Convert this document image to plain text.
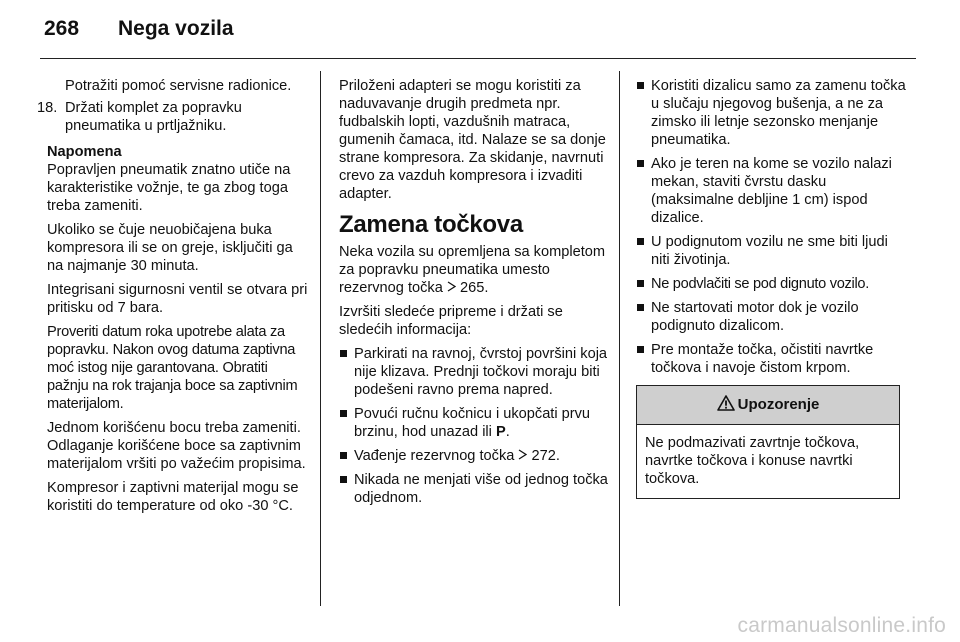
268 Nega vozila

Potražiti pomoć servisne radionice.

18. Držati komplet za popravku pneumatika u prtljažniku.

Napomena

Popravljen pneumatik znatno utiče na karakteristike vožnje, te ga zbog toga treba zameniti.

Ukoliko se čuje neuobičajena buka kompresora ili se on greje, isključiti ga na najmanje 30 minuta.

Integrisani sigurnosni ventil se otvara pri pritisku od 7 bara.

Proveriti datum roka upotrebe alata za popravku. Nakon ovog datuma zaptivna moć istog nije garantovana. Obratiti pažnju na rok trajanja boce sa zaptivnim materijalom.

Jednom korišćenu bocu treba zameniti. Odlaganje korišćene boce sa zaptivnim materijalom vršiti po važećim propisima.

Kompresor i zaptivni materijal mogu se koristiti do temperature od oko -30 °C.

Priloženi adapteri se mogu koristiti za naduvavanje drugih predmeta npr. fudbalskih lopti, vazdušnih matraca, gumenih čamaca, itd. Nalaze se sa donje strane kompresora. Za skidanje, navrnuti crevo za vazduh kompresora i izvaditi adapter.

Zamena točkova

Neka vozila su opremljena sa kompletom za popravku pneumatika umesto rezervnog točka 265.

Izvršiti sledeće pripreme i držati se sledećih informacija:

Parkirati na ravnoj, čvrstoj površini koja nije klizava. Prednji točkovi moraju biti podešeni ravno prema napred.
Povući ručnu kočnicu i ukopčati prvu brzinu, hod unazad ili P.
Vađenje rezervnog točka 272.
Nikada ne menjati više od jednog točka odjednom.
Koristiti dizalicu samo za zamenu točka u slučaju njegovog bušenja, a ne za zimsko ili letnje sezonsko menjanje pneumatika.
Ako je teren na kome se vozilo nalazi mekan, staviti čvrstu dasku (maksimalne debljine 1 cm) ispod dizalice.
U podignutom vozilu ne sme biti ljudi niti životinja.
Ne podvlačiti se pod dignuto vozilo.
Ne startovati motor dok je vozilo podignuto dizalicom.
Pre montaže točka, očistiti navrtke točkova i navoje čistom krpom.
Upozorenje
Ne podmazivati zavrtnje točkova, navrtke točkova i konuse navrtki točkova.
carmanualsonline.info
